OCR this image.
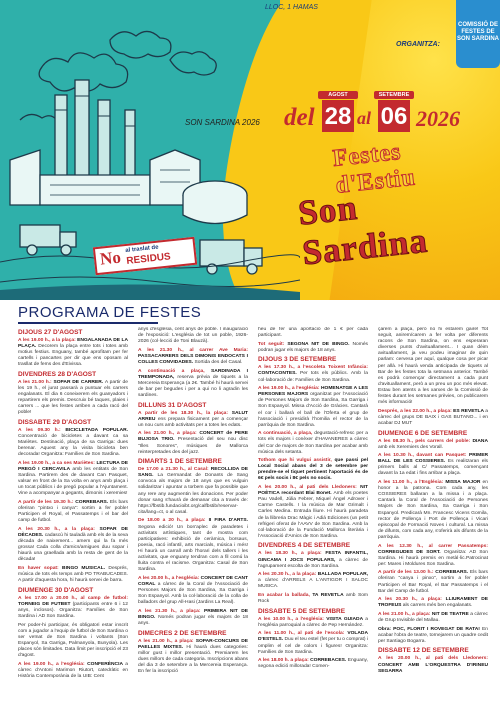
LLOC, 1 HAMAS
SON SARDINA 2026
ORGANITZA:
COMISSIÓ DE FESTES DE SON SARDINA
del
AGOST
28 al
SETEMBRE
06 2026
Festes d'Estiu
Son Sardina
No al traslat de
RESIDUS
PROGRAMA DE FESTES
DIJOUS 27 D'AGOST
A les 19.00 h., a la plaça: ENGALANADA DE LA PLAÇA. Decorem la plaça entre tots i totes amb motius festius. Enguany, també aprofitam per fer cartells i pancartes per dir que ens oposam al trasllat de fems des d'Eivissa.
DIVENDRES 28 D'AGOST
A les 21.00 h.: SOPAR DE CARRER. A partir de les 19 h., el jurat passarà a puntuar els carrers engalanats. El dia 6 coneixerem els guanyadors i repartirem els premis. Descruix bé taques, plaies i carrers ... que les festes arriben a cada racó del poble!
DISSABTE 29 D'AGOST
A les 09.30 h.: BICICLETADA POPULAR. Concentració de bicicletes a davant ca sa Mariètes. Destinació, plaça de sa Garriga: dues berenar. Aquest any la visita bicicleta ben decorada! Organitza: Famílies de Son Sardina.
A les 19.00 h., a ca ses Mariètes: LECTURA DE PREGÓ I CERCAVILA amb les entitats de Son Sardina. Partirem des de davant Can Pasquet, valsar en front de la Sa volta en anys amb plaça i un tocat públics i de pregó popular a l'Ajuntament. Vine a acompanyar a gegants, dimonis i xeremies!
A partir de les 19.30 h.: CORREBARS. Els bars oferiran "pintxo i canya": sortim a fer poble! Participen el Royal, el Passatemps i el bar del camp de futbol.
A les 20.30 h., a la plaça: SOPAR DE DÈCADES. cadascú hi tauladà amb els de la seva dècada de naixement... amem qui la fa més grossa! Cada colla d'amics/amigues duu sopar i hiaurà una graellada amb la resta de gent de la dècada!
En haver sopat: BINGO MUSICAL. Després, música de tots els temps amb PD TRABUCADES. A partir d'aquesta hora, hi haurà servei de barra.
DIUMENGE 30 D'AGOST
A les 17.00 a 20.00 h., al camp de futbol: TORNEIG DE FUTBET (participants entre 6 i 12 anys, inclosos). Organitza: Famílies de Son Sardina i AD Son Sardina.
Per poder-hi participar, és obligatori estar inscrit com a jugador a l'equip de futbol de Son Sardina o ser veïnat de Son Sardina i voltants (Son Espanyol, Sa Garriga, Palmanyola, Bunyola). Les places són limitades. Data límit per inscripció el 23 d'agost.
A les 19.00 h., a l'església: CONFERÈNCIA a càrrec d'Antoni Marimon Riutort, catedràtic en Història Contemporània de la UIB: Cent
anys d'església, cent anys de poble. I inauguració de l'exposició: L'església de tot un poble, 1926-2026 (col·lecció de Toni Blauzà).
A les 21.30 h., al carrer Ave Maria: PASSACARRERS DELS DIMONIS ENDOCATS I COLLES CONVIDADES. Sortida des del Casal.
A continuació a plaça, SARDINADA I TREMPONADA, reserva prèvia de tiquets a la Mercereia Esperança (a 2€. També hi haurà servei de bar per begudes i per a qui no li agradin les sardines.
DILLUNS 31 D'AGOST
A partir de les 18.30 h., la plaça: SALUT ARREU ens prepara fisicament per a començar un nou curs amb activitats per a totes les edats.
A les 21.00 h., a plaça: CONCERT de PERE BUJOSA TRIO. Presentació del seu nou disc "Illes Sonores", músiques de Mallorca reinterpretades des del jazz.
DIMARTS 1 DE SETEMBRE
De 17.00 a 21.30 h., al Casal: RECOLLIDA DE SANG. La Germandat de Donants de Sang convoca als majors de 18 anys que es vulguin solidaritzar i apuntar a torbem que fa possible que any rere any augmentin les donacions. Per poder donar sang s'haurà de demanar cita a través de: https://fbstib.fundacioibt.org/calfbstib/reservar-cita/lang=ct, o al casal.
De 18.00 a 20 h., a plaça: II FIRA D'ARTS. Segona edició! Un bon'aplec de paradetes i activitats artístiques, tant de mostra com participatives: exhibició de ceràmica, borsaus, poesia, racó infantil, arts marcials, música i més! Hi haurà un carrall amb l'horari dels tallers i les activitats, que enguany tendran com a fil comú la lluita contra el racisme. Organitza: Casal de Son Sardina.
A les 20.00 h., a l'església: CONCERT DE CANT CORAL a càrrec de la Coral de l'Associació de Persones Majors de Son Sardina, Sa Garriga i Son Espanyol. Amb la col·laboració de la colla de balladors del grup All-Hasi (Jardins La Real).
A les 21.30 h., a plaça: PRIMERA NIT DE BINGO. Només podran jugar els majors de 18 anys.
DIMECRES 2 DE SETEMBRE
A les 21.00 h., a plaça: SOPAR-CONCURS DE PAELLES MIXTES. Hi haurà dues categories: millor gust i millor presentació. Premiarem les dues millors de cada categoria. Inscripcions abans del dia 3 de setembre a la Mercereia Esperança. En fer la inscripció
heu de fer una aportació de 1 € per cada participant.
Tot seguit: SEGONA NIT DE BINGO. Només podran jugar els majors de 18 anys.
DIJOUS 3 DE SETEMBRE
A les 17.30 h., a l'escoleta Toixent Infància: CONTACONTES. Per tots els públics. Amb la col·laboració de: Famílies de Son Sardina.
A les 19.00 h., a l'església: HOMENATGE A LES PERSONES MAJORS organitzat per l'Associació de Persones Majors de Son Sardina, Sa Garriga i Son Espanyol. Missa d'Acció de Gràcies. Cantarà el cor i ballarà el ball de l'Oferta el grup de l'associació i presidirà l'homilia el rector de la parròquia de Son Sardina.
A continuació, a plaça, degustació-refresc per a tots els majors i conèxer d'HAVANERES a càrrec del Cor de majors de Son Sardina per acabar amb música dels setanta.
Tothom que hi vulgui assistir, que passi pel Local Social abans del 3 de setembre per prendre-se el tiquet pertinent l'aportació és de 6€ pels socis i 8€ pels no socis.
A les 20.00 h., al pati dels Lledoners: NIT POÈTICA recordant Blai Bonet. Amb els poetes Pau Vadell, Júlia Febrer, Miquel Àngel Adrover i Carme Castells. I la música de Mar Grimalt i Carles Medina. Entrada lliure. Hi haurà paradeta de la llibreria Drac Màgic i Adiá Ediciones (un petit refrigeri oferat de l'AAVV de Son Sardina. Amb la col·laboració de la Fundació Mallorca literària i l'Associació d'Amics de Son Sardina.
DIVENDRES 4 DE SETEMBRE
A les 18.30 h., a plaça: FESTA INFANTIL, GINCAMA I JOCS POPULARS, a càrrec de l'agrupament escolta de Son Sardina.
A les 20.30 h., a la plaça: BALLADA POPULAR, a càrrec d'ARRELS A L'ANTIGOR I SALOC MUSICA.
En acabar la ballada, TA REVETLA amb Som Rock
DISSABTE 5 DE SETEMBRE
A les 10.00 h., a l'església: VISITA GUIADA a l'església parroquial a càrrec de Pep Hernández.
A les 11.00 h., al pati de l'escola: VOLADA D'ESTELS. Duu el teu estel (fet per tu o comprat) i omplim el cel de colors i figures! Organitza: Famílies de Son Sardina.
A les 18.00 h. a plaça: CORREBACES. Enguany, segona edició millorada! Comen-
çarem a plaça, però no hi estarem gaire! Tot seguit, anirem/carem a fer volta per diferents racons de Son Sardina, on ens esperaran diverses punts d'avituallament... I quan dèim avituallament, ja veu podeu imaginar de quin parlam: cervesa per aquí, qualque cosa per picar per allà. Hi haurà venda anticipada de tiquets al Bar de les festes tota la setmana anterior. També es podrà començar directament a cada punt d'avituallament, però a un preu un poc més elevat. Estau ben atents a les xarxes de la Comissió de festes durant les setmanes prèvies, on publicarem més informació!
Després, a les 22.00 h., a plaça: ES REVETLA a càrrec del grups DE BAIX i GAS BUTANO... i en acabar DJ MUT
DIUMENGE 6 DE SETEMBRE
A les 08.30 h., pels carrers del poble: DIANA amb els Xeremiers des Vorall.
A les 10.30 h., davant can Pasquet: PRIMER BALL DE LES COSSIERES. Es realitzaran els primers balls al C/ Passatemps, començant davant la 1a edat i fins arribar a plaça.
A les 11.00 h., a l'Església: MISSA MAJOR en honor a la patrona. Com cada any, les COSSIERES ballaran a la missa i a plaça. Cantarà la Coral de l'Associació de Persones Majors de Son Sardina, Sa Garriga i Son Espanyol. Predicarà Mn. Francesc Vicens Gomila, rector de Pollença i Port de Pollença i Vicari episcopal de Formació Noves i cultural. La missa de difunts, com cada any, s'oferirà als difunts de la parròquia.
A les 12.30 h., al carrer Passatemps: CORREGUDES DE SORT. Organitza: AD Son Sardina. Hi haurà premis en metàl·lic.Patrocinat per: Mares i Moldures Son Sardina.
A partir de les 13.00 h.: CORREBARS. Els bars oferiran "canya i pinxo", sortim a fer poble! Participen el Bar Royal, el Bar Passatemps i el Bar del Camp de futbol.
A les 20.30 h., a plaça: LLIURAMENT DE TROFEUS als carrers més ben engalanats.
A les 21.00 h., a plaça: NIT DE TEATRE a càrrec de Grup Invisible del Mallau.
Obra: POC, FLORIT I ROVEGAT DE RATA! En acabar l'obra de teatre, tornejarem un quadre cedit per Santiago Bogarra.
DISSABTE 12 DE SETEMBRE
A les 20.00 h., al pati dels Lledoners: CONCERT AMB L'ORQUESTRA D'IRINEU SEGARRA
